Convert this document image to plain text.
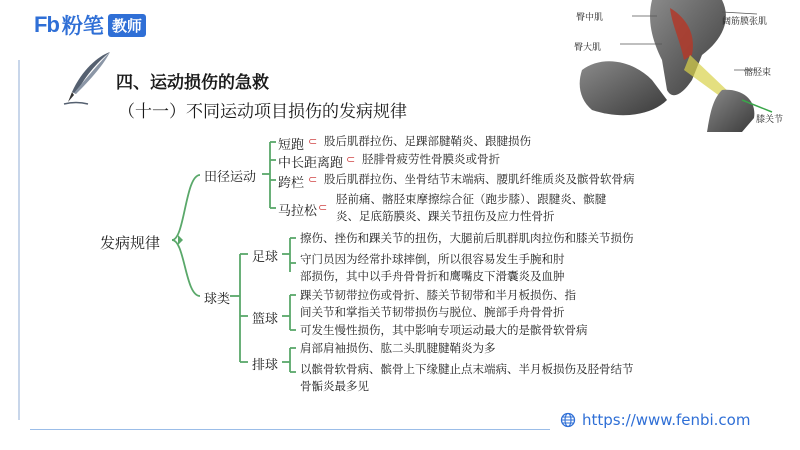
Fb 粉笔 教师
四、运动损伤的急救
（十一）不同运动项目损伤的发病规律
臀中肌	阔筋膜张肌
臀大肌
髂胫束
膝关节
发病规律
田径运动
短跑 ⊂ 股后肌群拉伤、足踝部腱鞘炎、跟腱损伤
中长距离跑 ⊂ 胫腓骨疲劳性骨膜炎或骨折
跨栏 ⊂ 股后肌群拉伤、坐骨结节末端病、腰肌纤维质炎及髌骨软骨病
马拉松 ⊂
胫前痛、髂胫束摩擦综合征（跑步膝）、跟腱炎、髌腱
炎、足底筋膜炎、踝关节扭伤及应力性骨折
球类
足球
擦伤、挫伤和踝关节的扭伤，大腿前后肌群肌肉拉伤和膝关节损伤
守门员因为经常扑球摔倒，所以很容易发生手腕和肘
部损伤，其中以手舟骨骨折和鹰嘴皮下滑囊炎及血肿
篮球
踝关节韧带拉伤或骨折、膝关节韧带和半月板损伤、指
间关节和掌指关节韧带损伤与脱位、腕部手舟骨骨折
可发生慢性损伤，其中影响专项运动最大的是髌骨软骨病
排球
肩部肩袖损伤、肱二头肌腱腱鞘炎为多
以髌骨软骨病、髌骨上下缘腱止点末端病、半月板损伤及胫骨结节
骨骺炎最多见
https://www.fenbi.com
